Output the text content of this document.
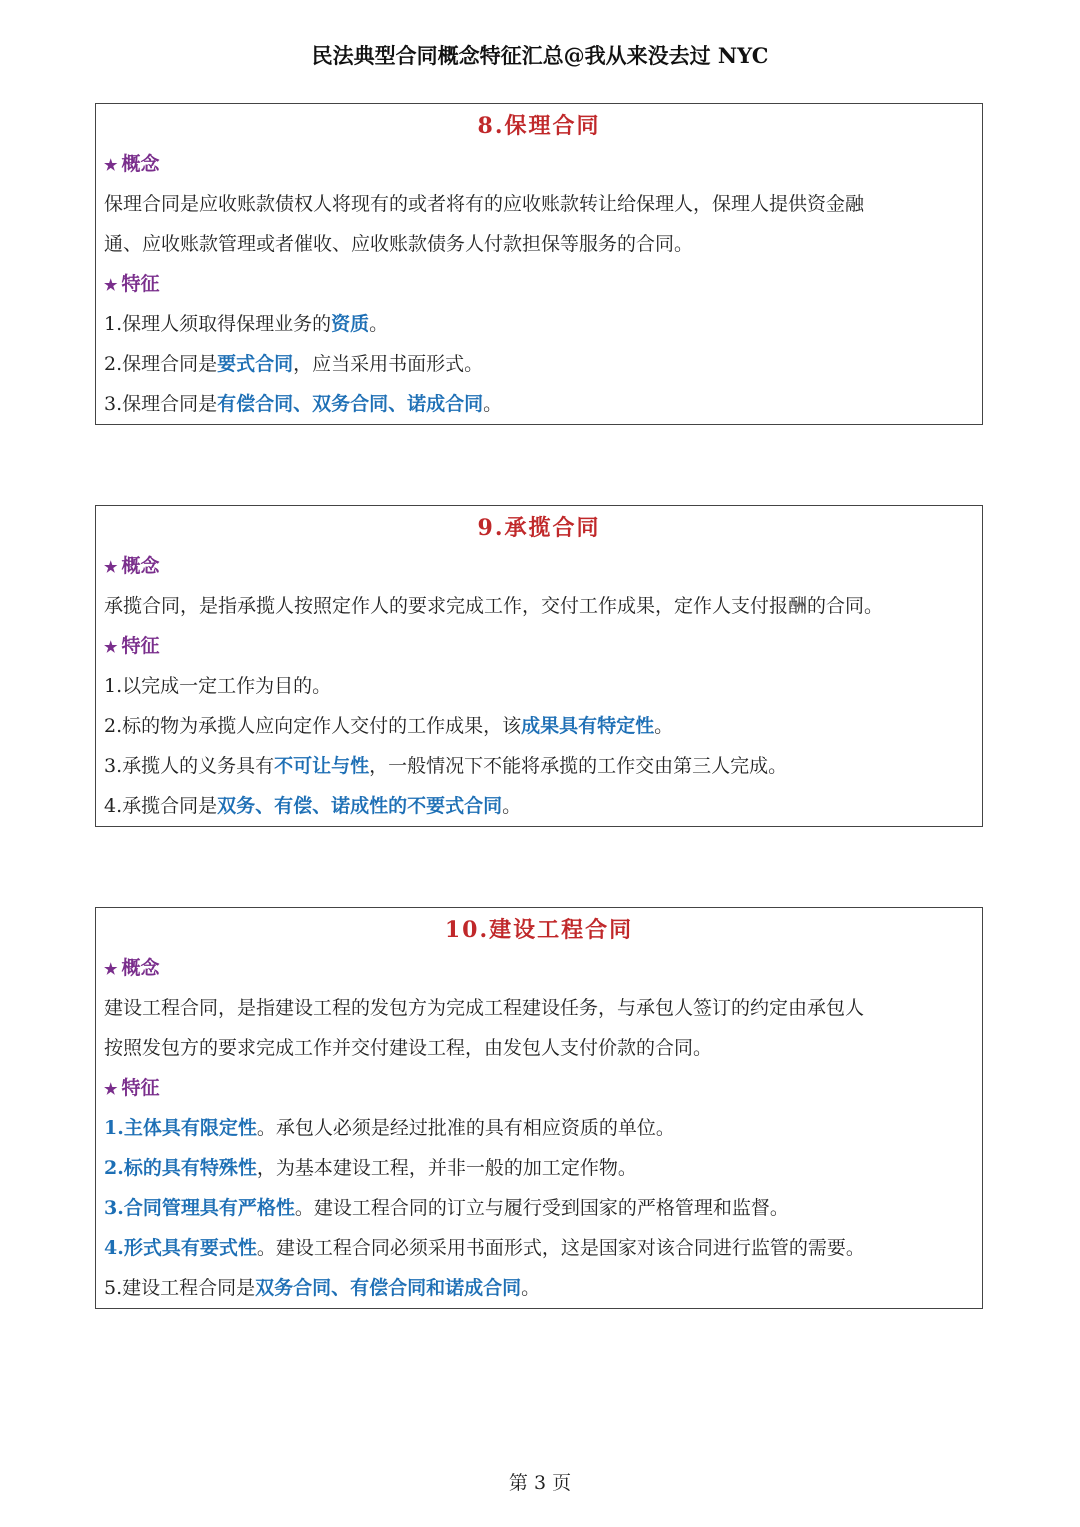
民法典型合同概念特征汇总@我从来没去过 NYC
8.保理合同
★ 概念
保理合同是应收账款债权人将现有的或者将有的应收账款转让给保理人，保理人提供资金融
通、应收账款管理或者催收、应收账款债务人付款担保等服务的合同。
★ 特征
1.保理人须取得保理业务的资质。
2.保理合同是要式合同，应当采用书面形式。
3.保理合同是有偿合同、双务合同、诺成合同。
9.承揽合同
★ 概念
承揽合同，是指承揽人按照定作人的要求完成工作，交付工作成果，定作人支付报酬的合同。
★ 特征
1.以完成一定工作为目的。
2.标的物为承揽人应向定作人交付的工作成果，该成果具有特定性。
3.承揽人的义务具有不可让与性，一般情况下不能将承揽的工作交由第三人完成。
4.承揽合同是双务、有偿、诺成性的不要式合同。
10.建设工程合同
★ 概念
建设工程合同，是指建设工程的发包方为完成工程建设任务，与承包人签订的约定由承包人
按照发包方的要求完成工作并交付建设工程，由发包人支付价款的合同。
★ 特征
1.主体具有限定性。承包人必须是经过批准的具有相应资质的单位。
2.标的具有特殊性，为基本建设工程，并非一般的加工定作物。
3.合同管理具有严格性。建设工程合同的订立与履行受到国家的严格管理和监督。
4.形式具有要式性。建设工程合同必须采用书面形式，这是国家对该合同进行监管的需要。
5.建设工程合同是双务合同、有偿合同和诺成合同。
第 3 页
